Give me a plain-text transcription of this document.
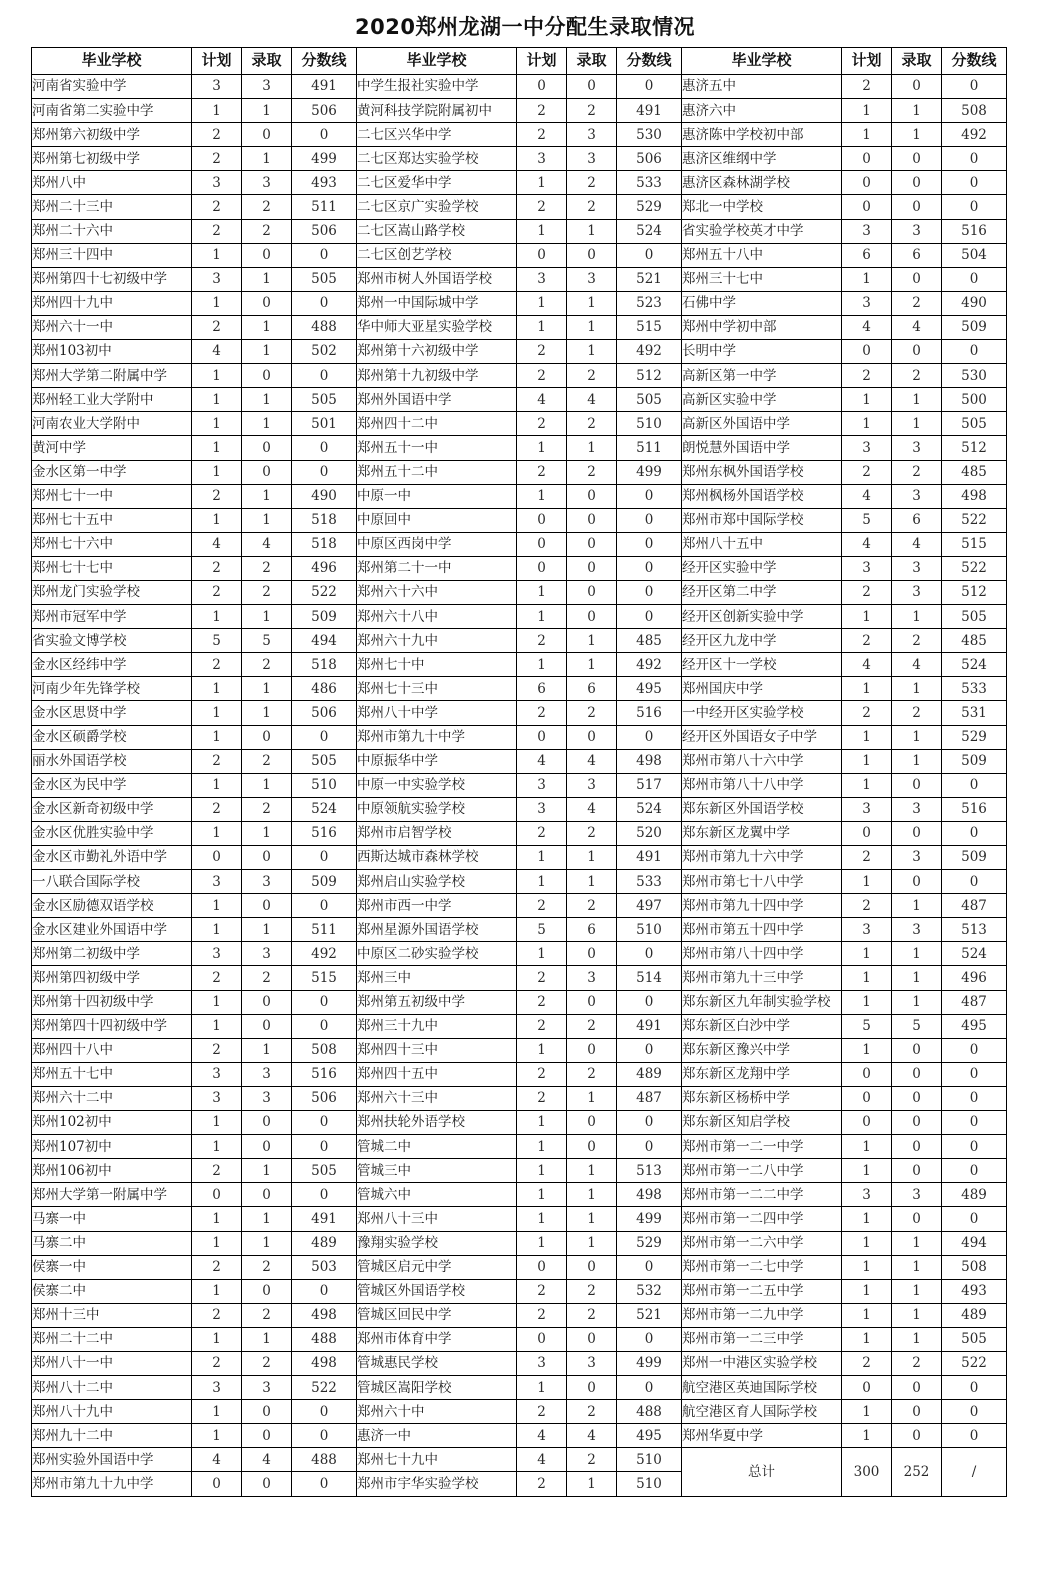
2020郑州龙湖一中分配生录取情况
毕业学校	计划	录取	分数线	毕业学校	计划	录取	分数线	毕业学校	计划	录取	分数线
河南省实验中学	3	3	491	中学生报社实验中学	0	0	0	惠济五中	2	0	0
河南省第二实验中学	1	1	506	黄河科技学院附属初中	2	2	491	惠济六中	1	1	508
郑州第六初级中学	2	0	0	二七区兴华中学	2	3	530	惠济陈中学校初中部	1	1	492
郑州第七初级中学	2	1	499	二七区郑达实验学校	3	3	506	惠济区维纲中学	0	0	0
郑州八中	3	3	493	二七区爱华中学	1	2	533	惠济区森林湖学校	0	0	0
郑州二十三中	2	2	511	二七区京广实验学校	2	2	529	郑北一中学校	0	0	0
郑州二十六中	2	2	506	二七区嵩山路学校	1	1	524	省实验学校英才中学	3	3	516
郑州三十四中	1	0	0	二七区创艺学校	0	0	0	郑州五十八中	6	6	504
郑州第四十七初级中学	3	1	505	郑州市树人外国语学校	3	3	521	郑州三十七中	1	0	0
郑州四十九中	1	0	0	郑州一中国际城中学	1	1	523	石佛中学	3	2	490
郑州六十一中	2	1	488	华中师大亚星实验学校	1	1	515	郑州中学初中部	4	4	509
郑州103初中	4	1	502	郑州第十六初级中学	2	1	492	长明中学	0	0	0
郑州大学第二附属中学	1	0	0	郑州第十九初级中学	2	2	512	高新区第一中学	2	2	530
郑州轻工业大学附中	1	1	505	郑州外国语中学	4	4	505	高新区实验中学	1	1	500
河南农业大学附中	1	1	501	郑州四十二中	2	2	510	高新区外国语中学	1	1	505
黄河中学	1	0	0	郑州五十一中	1	1	511	朗悦慧外国语中学	3	3	512
金水区第一中学	1	0	0	郑州五十二中	2	2	499	郑州东枫外国语学校	2	2	485
郑州七十一中	2	1	490	中原一中	1	0	0	郑州枫杨外国语学校	4	3	498
郑州七十五中	1	1	518	中原回中	0	0	0	郑州市郑中国际学校	5	6	522
郑州七十六中	4	4	518	中原区西岗中学	0	0	0	郑州八十五中	4	4	515
郑州七十七中	2	2	496	郑州第二十一中	0	0	0	经开区实验中学	3	3	522
郑州龙门实验学校	2	2	522	郑州六十六中	1	0	0	经开区第二中学	2	3	512
郑州市冠军中学	1	1	509	郑州六十八中	1	0	0	经开区创新实验中学	1	1	505
省实验文博学校	5	5	494	郑州六十九中	2	1	485	经开区九龙中学	2	2	485
金水区经纬中学	2	2	518	郑州七十中	1	1	492	经开区十一学校	4	4	524
河南少年先锋学校	1	1	486	郑州七十三中	6	6	495	郑州国庆中学	1	1	533
金水区思贤中学	1	1	506	郑州八十中学	2	2	516	一中经开区实验学校	2	2	531
金水区硕爵学校	1	0	0	郑州市第九十中学	0	0	0	经开区外国语女子中学	1	1	529
丽水外国语学校	2	2	505	中原振华中学	4	4	498	郑州市第八十六中学	1	1	509
金水区为民中学	1	1	510	中原一中实验学校	3	3	517	郑州市第八十八中学	1	0	0
金水区新奇初级中学	2	2	524	中原领航实验学校	3	4	524	郑东新区外国语学校	3	3	516
金水区优胜实验中学	1	1	516	郑州市启智学校	2	2	520	郑东新区龙翼中学	0	0	0
金水区市勤礼外语中学	0	0	0	西斯达城市森林学校	1	1	491	郑州市第九十六中学	2	3	509
一八联合国际学校	3	3	509	郑州启山实验学校	1	1	533	郑州市第七十八中学	1	0	0
金水区励德双语学校	1	0	0	郑州市西一中学	2	2	497	郑州市第九十四中学	2	1	487
金水区建业外国语中学	1	1	511	郑州星源外国语学校	5	6	510	郑州市第五十四中学	3	3	513
郑州第二初级中学	3	3	492	中原区二砂实验学校	1	0	0	郑州市第八十四中学	1	1	524
郑州第四初级中学	2	2	515	郑州三中	2	3	514	郑州市第九十三中学	1	1	496
郑州第十四初级中学	1	0	0	郑州第五初级中学	2	0	0	郑东新区九年制实验学校	1	1	487
郑州第四十四初级中学	1	0	0	郑州三十九中	2	2	491	郑东新区白沙中学	5	5	495
郑州四十八中	2	1	508	郑州四十三中	1	0	0	郑东新区豫兴中学	1	0	0
郑州五十七中	3	3	516	郑州四十五中	2	2	489	郑东新区龙翔中学	0	0	0
郑州六十二中	3	3	506	郑州六十三中	2	1	487	郑东新区杨桥中学	0	0	0
郑州102初中	1	0	0	郑州扶轮外语学校	1	0	0	郑东新区知启学校	0	0	0
郑州107初中	1	0	0	管城二中	1	0	0	郑州市第一二一中学	1	0	0
郑州106初中	2	1	505	管城三中	1	1	513	郑州市第一二八中学	1	0	0
郑州大学第一附属中学	0	0	0	管城六中	1	1	498	郑州市第一二二中学	3	3	489
马寨一中	1	1	491	郑州八十三中	1	1	499	郑州市第一二四中学	1	0	0
马寨二中	1	1	489	豫翔实验学校	1	1	529	郑州市第一二六中学	1	1	494
侯寨一中	2	2	503	管城区启元中学	0	0	0	郑州市第一二七中学	1	1	508
侯寨二中	1	0	0	管城区外国语学校	2	2	532	郑州市第一二五中学	1	1	493
郑州十三中	2	2	498	管城区回民中学	2	2	521	郑州市第一二九中学	1	1	489
郑州二十二中	1	1	488	郑州市体育中学	0	0	0	郑州市第一二三中学	1	1	505
郑州八十一中	2	2	498	管城惠民学校	3	3	499	郑州一中港区实验学校	2	2	522
郑州八十二中	3	3	522	管城区嵩阳学校	1	0	0	航空港区英迪国际学校	0	0	0
郑州八十九中	1	0	0	郑州六十中	2	2	488	航空港区育人国际学校	1	0	0
郑州九十二中	1	0	0	惠济一中	4	4	495	郑州华夏中学	1	0	0
郑州实验外国语中学	4	4	488	郑州七十九中	4	2	510	总计	300	252	/
郑州市第九十九中学	0	0	0	郑州市宇华实验学校	2	1	510				
